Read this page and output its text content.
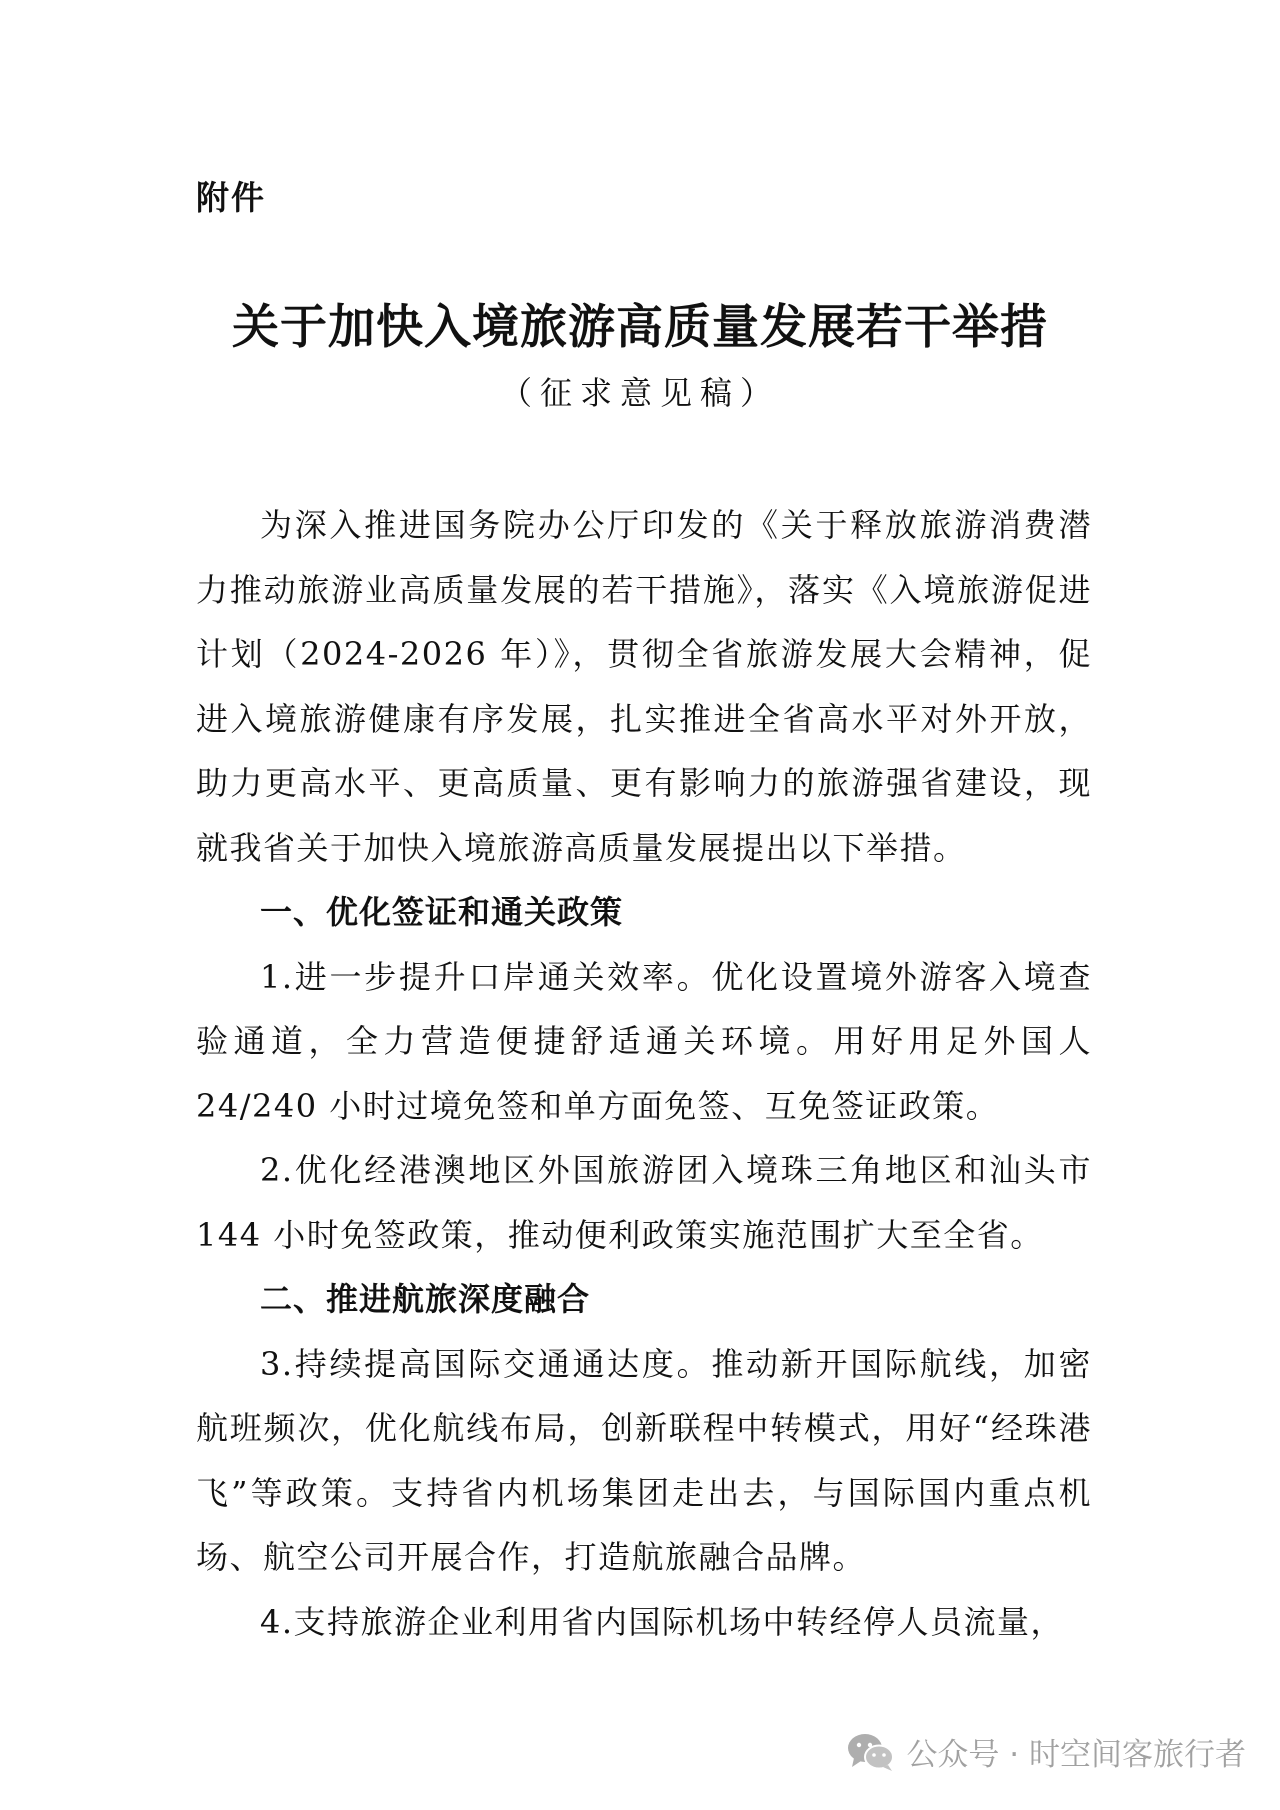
附件
关于加快入境旅游高质量发展若干举措
（征求意见稿）

为深入推进国务院办公厅印发的《关于释放旅游消费潜力推动旅游业高质量发展的若干措施》，落实《入境旅游促进计划（2024-2026 年）》，贯彻全省旅游发展大会精神，促进入境旅游健康有序发展，扎实推进全省高水平对外开放，助力更高水平、更高质量、更有影响力的旅游强省建设，现就我省关于加快入境旅游高质量发展提出以下举措。

一、优化签证和通关政策

1.进一步提升口岸通关效率。优化设置境外游客入境查验通道，全力营造便捷舒适通关环境。用好用足外国人24/240 小时过境免签和单方面免签、互免签证政策。

2.优化经港澳地区外国旅游团入境珠三角地区和汕头市 144 小时免签政策，推动便利政策实施范围扩大至全省。

二、推进航旅深度融合

3.持续提高国际交通通达度。推动新开国际航线，加密航班频次，优化航线布局，创新联程中转模式，用好“经珠港飞”等政策。支持省内机场集团走出去，与国际国内重点机场、航空公司开展合作，打造航旅融合品牌。

4.支持旅游企业利用省内国际机场中转经停人员流量，

公众号 · 时空间客旅行者
